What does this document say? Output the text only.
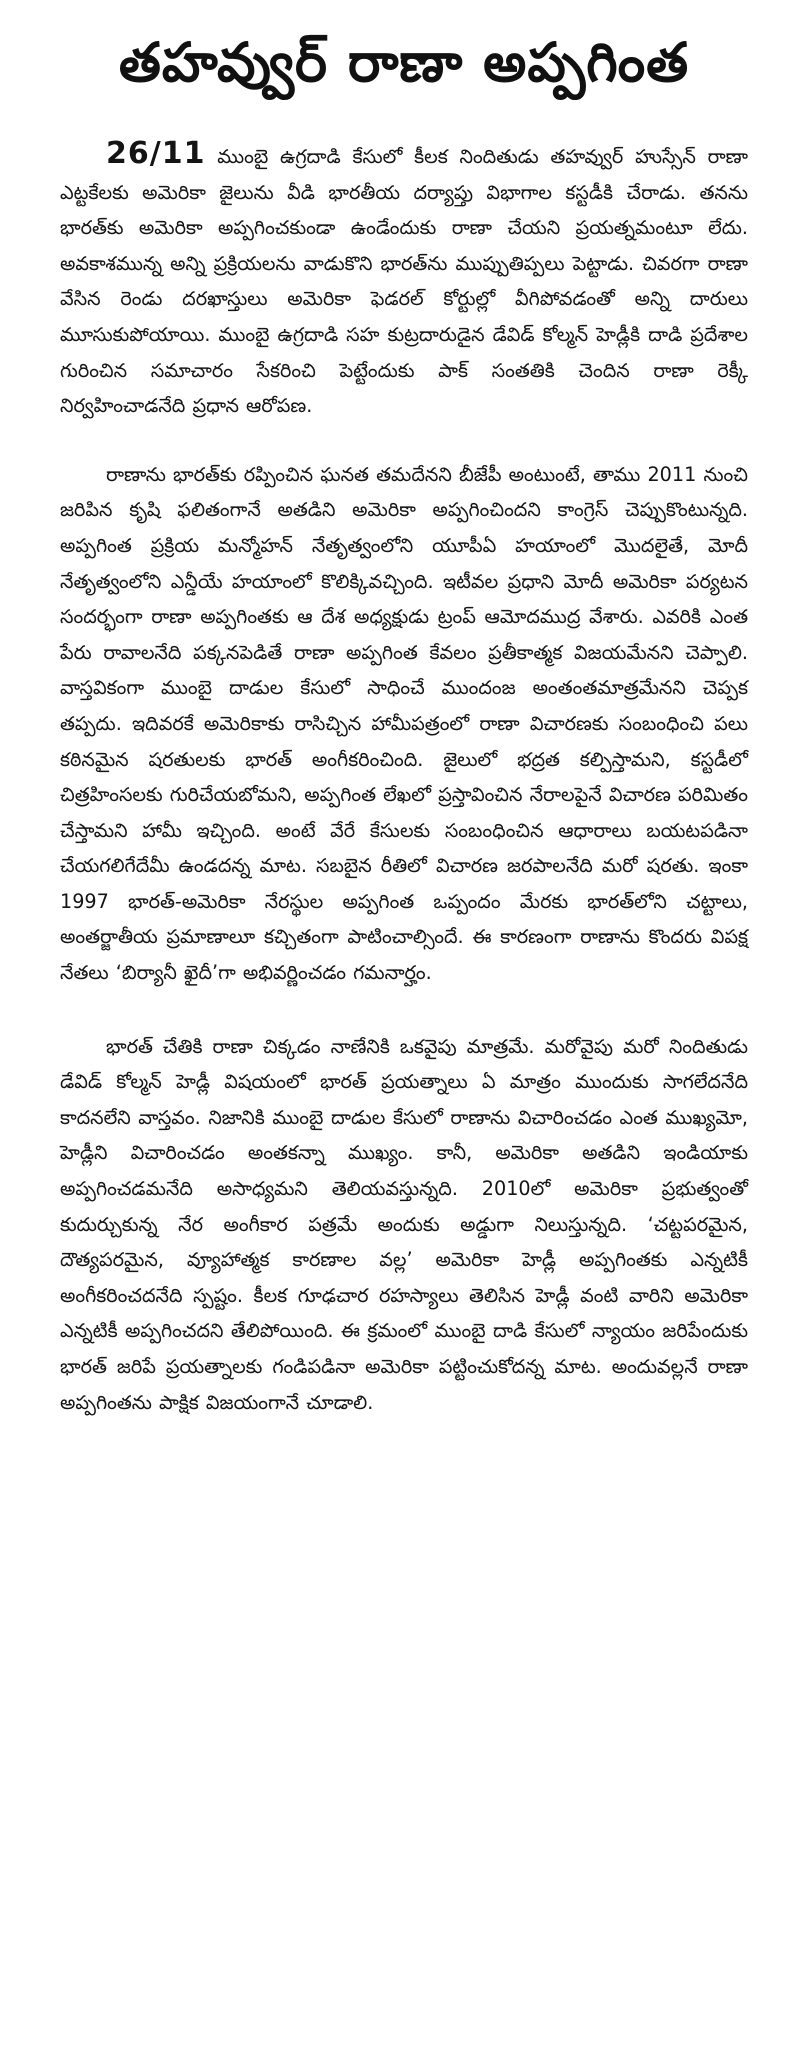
తహవ్వుర్ రాణా అప్పగింత

26/11 ముంబై ఉగ్రదాడి కేసులో కీలక నిందితుడు తహవ్వుర్ హుస్సేన్ రాణా ఎట్టకేలకు అమెరికా జైలును వీడి భారతీయ దర్యాప్తు విభాగాల కస్టడీకి చేరాడు. తనను భారత్‌కు అమెరికా అప్పగించకుండా ఉండేందుకు రాణా చేయని ప్రయత్నమంటూ లేదు. అవకాశమున్న అన్ని ప్రక్రియలను వాడుకొని భారత్‌ను ముప్పుతిప్పలు పెట్టాడు. చివరగా రాణా వేసిన రెండు దరఖాస్తులు అమెరికా ఫెడరల్ కోర్టుల్లో వీగిపోవడంతో అన్ని దారులు మూసుకుపోయాయి. ముంబై ఉగ్రదాడి సహ కుట్రదారుడైన డేవిడ్ కోల్మన్ హెడ్లీకి దాడి ప్రదేశాల గురించిన సమాచారం సేకరించి పెట్టేందుకు పాక్ సంతతికి చెందిన రాణా రెక్కీ నిర్వహించాడనేది ప్రధాన ఆరోపణ.

రాణాను భారత్‌కు రప్పించిన ఘనత తమదేనని బీజేపీ అంటుంటే, తాము 2011 నుంచి జరిపిన కృషి ఫలితంగానే అతడిని అమెరికా అప్పగించిందని కాంగ్రెస్ చెప్పుకొంటున్నది. అప్పగింత ప్రక్రియ మన్మోహన్ నేతృత్వంలోని యూపీఏ హయాంలో మొదలైతే, మోదీ నేతృత్వంలోని ఎన్డీయే హయాంలో కొలిక్కివచ్చింది. ఇటీవల ప్రధాని మోదీ అమెరికా పర్యటన సందర్భంగా రాణా అప్పగింతకు ఆ దేశ అధ్యక్షుడు ట్రంప్ ఆమోదముద్ర వేశారు. ఎవరికి ఎంత పేరు రావాలనేది పక్కనపెడితే రాణా అప్పగింత కేవలం ప్రతీకాత్మక విజయమేనని చెప్పాలి. వాస్తవికంగా ముంబై దాడుల కేసులో సాధించే ముందంజ అంతంతమాత్రమేనని చెప్పక తప్పదు. ఇదివరకే అమెరికాకు రాసిచ్చిన హామీపత్రంలో రాణా విచారణకు సంబంధించి పలు కఠినమైన షరతులకు భారత్ అంగీకరించింది. జైలులో భద్రత కల్పిస్తామని, కస్టడీలో చిత్రహింసలకు గురిచేయబోమని, అప్పగింత లేఖలో ప్రస్తావించిన నేరాలపైనే విచారణ పరిమితం చేస్తామని హామీ ఇచ్చింది. అంటే వేరే కేసులకు సంబంధించిన ఆధారాలు బయటపడినా చేయగలిగేదేమీ ఉండదన్న మాట. సబబైన రీతిలో విచారణ జరపాలనేది మరో షరతు. ఇంకా 1997 భారత్-అమెరికా నేరస్థుల అప్పగింత ఒప్పందం మేరకు భారత్‌లోని చట్టాలు, అంతర్జాతీయ ప్రమాణాలూ కచ్చితంగా పాటించాల్సిందే. ఈ కారణంగా రాణాను కొందరు విపక్ష నేతలు ‘బిర్యానీ ఖైదీ’గా అభివర్ణించడం గమనార్హం.

భారత్ చేతికి రాణా చిక్కడం నాణేనికి ఒకవైపు మాత్రమే. మరోవైపు మరో నిందితుడు డేవిడ్ కోల్మన్ హెడ్లీ విషయంలో భారత్ ప్రయత్నాలు ఏ మాత్రం ముందుకు సాగలేదనేది కాదనలేని వాస్తవం. నిజానికి ముంబై దాడుల కేసులో రాణాను విచారించడం ఎంత ముఖ్యమో, హెడ్లీని విచారించడం అంతకన్నా ముఖ్యం. కానీ, అమెరికా అతడిని ఇండియాకు అప్పగించడమనేది అసాధ్యమని తెలియవస్తున్నది. 2010లో అమెరికా ప్రభుత్వంతో కుదుర్చుకున్న నేర అంగీకార పత్రమే అందుకు అడ్డుగా నిలుస్తున్నది. ‘చట్టపరమైన, దౌత్యపరమైన, వ్యూహాత్మక కారణాల వల్ల’ అమెరికా హెడ్లీ అప్పగింతకు ఎన్నటికీ అంగీకరించదనేది స్పష్టం. కీలక గూఢచార రహస్యాలు తెలిసిన హెడ్లీ వంటి వారిని అమెరికా ఎన్నటికీ అప్పగించదని తేలిపోయింది. ఈ క్రమంలో ముంబై దాడి కేసులో న్యాయం జరిపేందుకు భారత్ జరిపే ప్రయత్నాలకు గండిపడినా అమెరికా పట్టించుకోదన్న మాట. అందువల్లనే రాణా అప్పగింతను పాక్షిక విజయంగానే చూడాలి.
